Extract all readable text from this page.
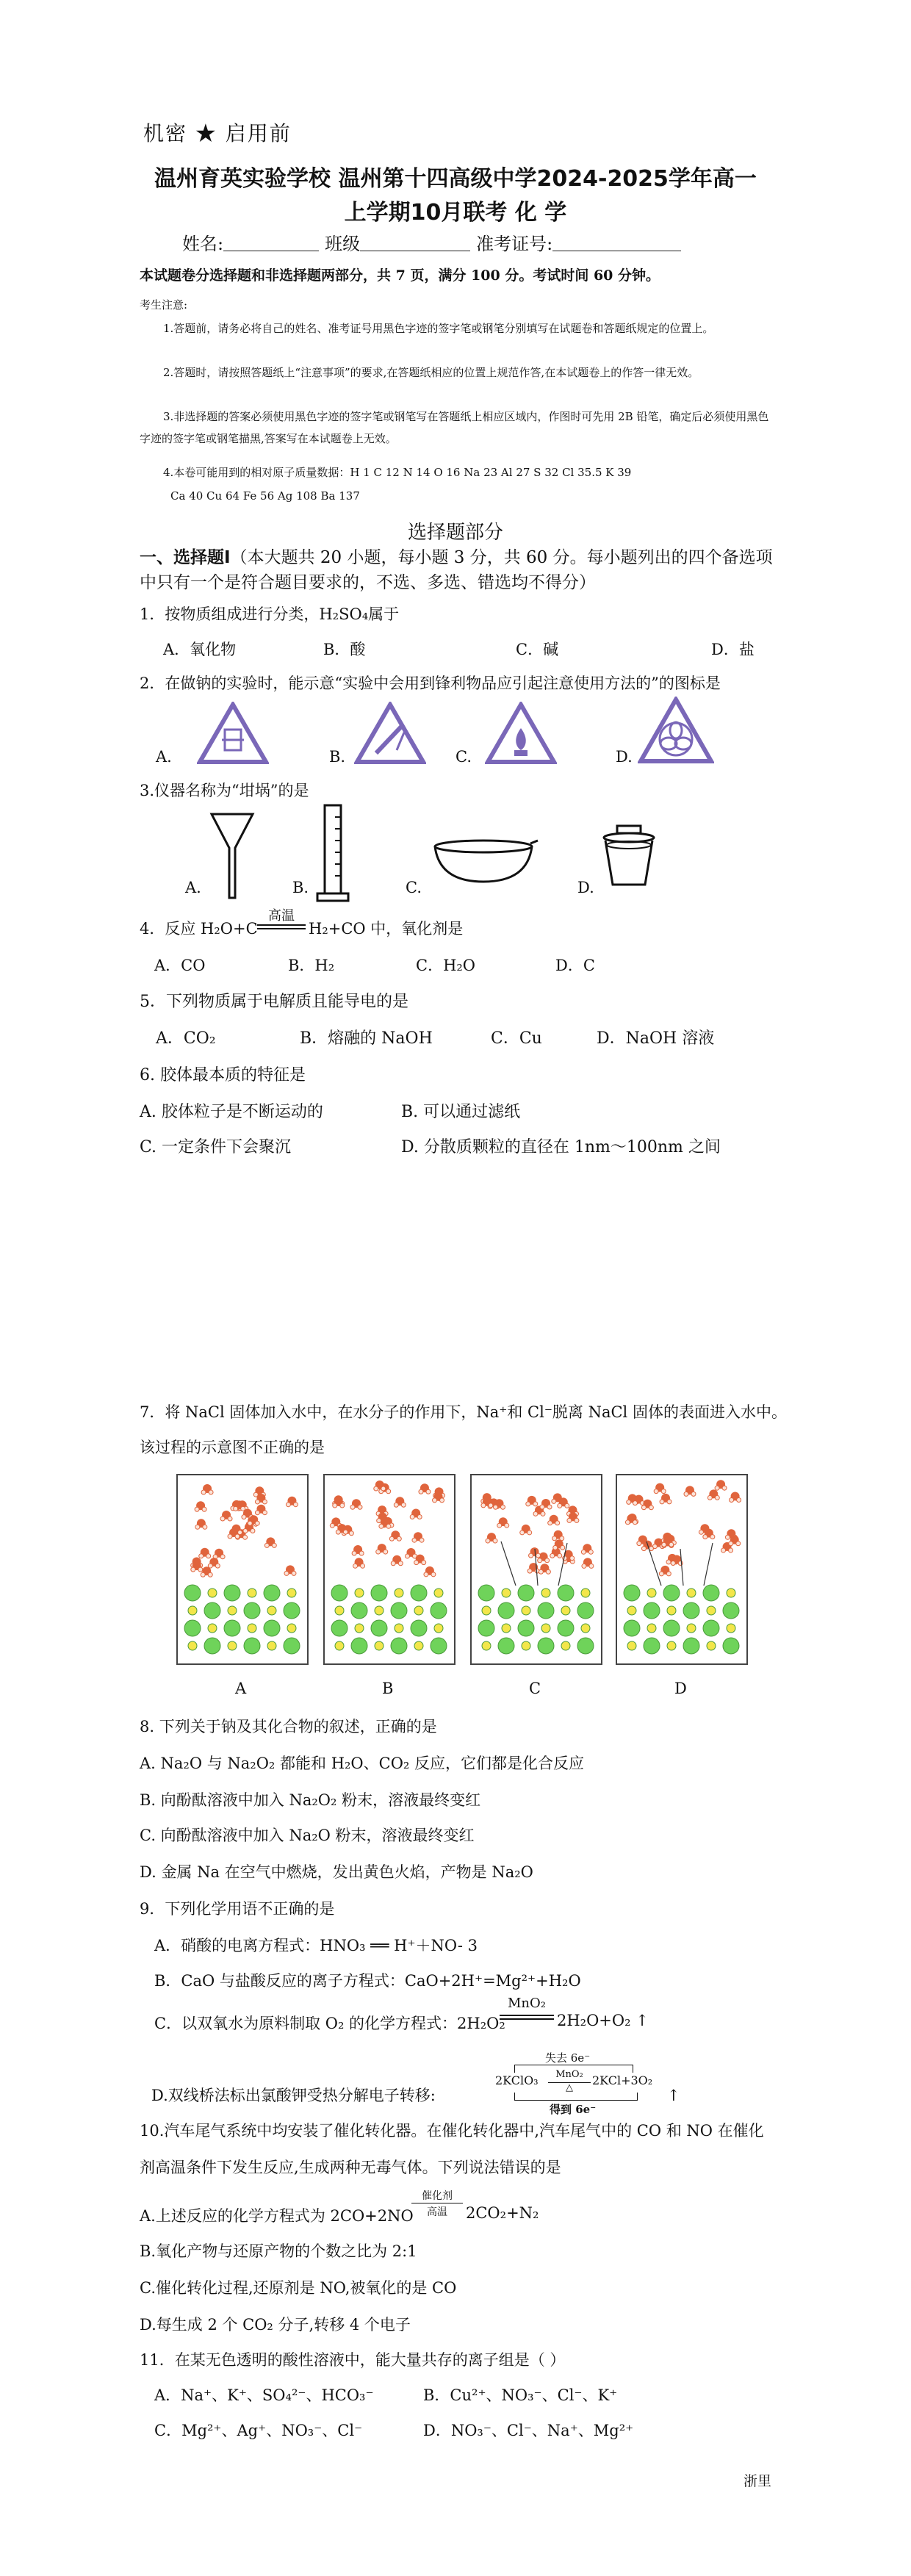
机密 ★ 启用前
温州育英实验学校 温州第十四高级中学2024-2025学年高一
上学期10月联考 化 学
姓名:	班级	准考证号:
本试题卷分选择题和非选择题两部分，共 7 页，满分 100 分。考试时间 60 分钟。
考生注意:
1.答题前，请务必将自己的姓名、准考证号用黑色字迹的签字笔或钢笔分别填写在试题卷和答题纸规定的位置上。
2.答题时，请按照答题纸上“注意事项”的要求,在答题纸相应的位置上规范作答,在本试题卷上的作答一律无效。
3.非选择题的答案必须使用黑色字迹的签字笔或钢笔写在答题纸上相应区域内，作图时可先用 2B 铅笔，确定后必须使用黑色字迹的签字笔或钢笔描黑,答案写在本试题卷上无效。
4.本卷可能用到的相对原子质量数据：H 1 C 12 N 14 O 16 Na 23 Al 27 S 32 Cl 35.5 K 39
Ca 40 Cu 64 Fe 56 Ag 108 Ba 137
选择题部分
一、选择题Ⅰ（本大题共 20 小题，每小题 3 分，共 60 分。每小题列出的四个备选项中只有一个是符合题目要求的，不选、多选、错选均不得分）
1．按物质组成进行分类，H₂SO₄属于
A．氧化物	B．酸	C．碱	D．盐
2．在做钠的实验时，能示意“实验中会用到锋利物品应引起注意使用方法的”的图标是
A.	B.	C.	D.
3.仪器名称为“坩埚”的是
A.	B.	C.	D.
4．反应 H₂O+C
高温
H₂+CO 中，氧化剂是
A．CO	B．H₂	C．H₂O	D．C
5．下列物质属于电解质且能导电的是
A．CO₂	B．熔融的 NaOH	C．Cu	D．NaOH 溶液
6. 胶体最本质的特征是
A. 胶体粒子是不断运动的	B. 可以通过滤纸
C. 一定条件下会聚沉	D. 分散质颗粒的直径在 1nm～100nm 之间
7．将 NaCl 固体加入水中，在水分子的作用下，Na⁺和 Cl⁻脱离 NaCl 固体的表面进入水中。
该过程的示意图不正确的是
A	B	C	D
8. 下列关于钠及其化合物的叙述，正确的是
A. Na₂O 与 Na₂O₂ 都能和 H₂O、CO₂ 反应，它们都是化合反应
B. 向酚酞溶液中加入 Na₂O₂ 粉末，溶液最终变红
C. 向酚酞溶液中加入 Na₂O 粉末，溶液最终变红
D. 金属 Na 在空气中燃烧，发出黄色火焰，产物是 Na₂O
9．下列化学用语不正确的是
A．硝酸的电离方程式：HNO₃ ══ H⁺＋NO- 3
B．CaO 与盐酸反应的离子方程式：CaO+2H⁺=Mg²⁺+H₂O
C．以双氧水为原料制取 O₂ 的化学方程式：2H₂O₂
MnO₂
2H₂O+O₂ ↑
D.双线桥法标出氯酸钾受热分解电子转移:
失去 6e⁻
2KClO₃	MnO₂
△
2KCl+3O₂
得到 6e⁻
↑
10.汽车尾气系统中均安装了催化转化器。在催化转化器中,汽车尾气中的 CO 和 NO 在催化
剂高温条件下发生反应,生成两种无毒气体。下列说法错误的是
A.上述反应的化学方程式为 2CO+2NO
催化剂
高温	2CO₂+N₂
B.氧化产物与还原产物的个数之比为 2:1
C.催化转化过程,还原剂是 NO,被氧化的是 CO
D.每生成 2 个 CO₂ 分子,转移 4 个电子
11．在某无色透明的酸性溶液中，能大量共存的离子组是（ ）
A．Na⁺、K⁺、SO₄²⁻、HCO₃⁻	B．Cu²⁺、NO₃⁻、Cl⁻、K⁺
C．Mg²⁺、Ag⁺、NO₃⁻、Cl⁻	D．NO₃⁻、Cl⁻、Na⁺、Mg²⁺
浙里
